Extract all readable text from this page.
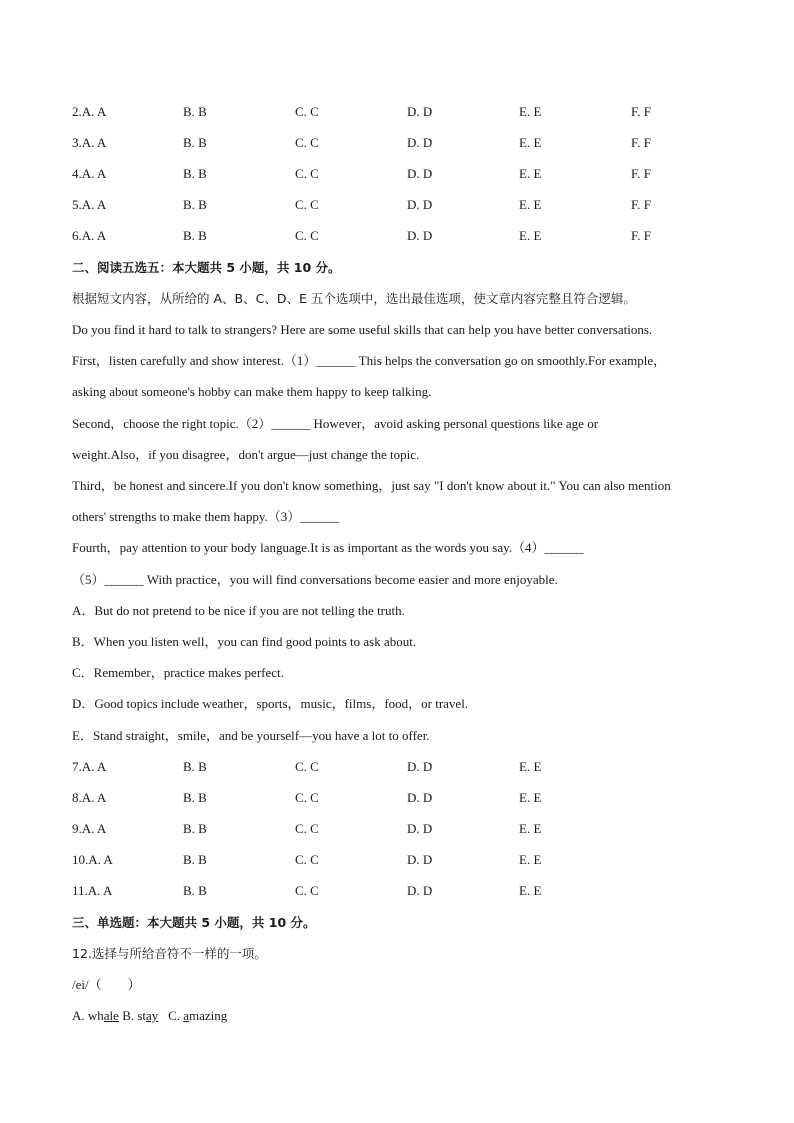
2.A. A	B. B	C. C	D. D	E. E	F. F
3.A. A	B. B	C. C	D. D	E. E	F. F
4.A. A	B. B	C. C	D. D	E. E	F. F
5.A. A	B. B	C. C	D. D	E. E	F. F
6.A. A	B. B	C. C	D. D	E. E	F. F
二、阅读五选五：本大题共 5 小题，共 10 分。
根据短文内容，从所给的 A、B、C、D、E 五个选项中，选出最佳选项，使文章内容完整且符合逻辑。
Do you find it hard to talk to strangers? Here are some useful skills that can help you have better conversations.
First，listen carefully and show interest.（1）______ This helps the conversation go on smoothly.For example，
asking about someone's hobby can make them happy to keep talking.
Second，choose the right topic.（2）______ However，avoid asking personal questions like age or
weight.Also，if you disagree，don't argue—just change the topic.
Third，be honest and sincere.If you don't know something，just say "I don't know about it." You can also mention
others' strengths to make them happy.（3）______
Fourth，pay attention to your body language.It is as important as the words you say.（4）______
（5）______ With practice，you will find conversations become easier and more enjoyable.
A．But do not pretend to be nice if you are not telling the truth.
B．When you listen well，you can find good points to ask about.
C．Remember，practice makes perfect.
D．Good topics include weather，sports，music，films，food，or travel.
E．Stand straight，smile，and be yourself—you have a lot to offer.
7.A. A	B. B	C. C	D. D	E. E
8.A. A	B. B	C. C	D. D	E. E
9.A. A	B. B	C. C	D. D	E. E
10.A. A	B. B	C. C	D. D	E. E
11.A. A	B. B	C. C	D. D	E. E
三、单选题：本大题共 5 小题，共 10 分。
12.选择与所给音符不一样的一项。
/ei/（　　）
A. whale B. stay C. amazing
